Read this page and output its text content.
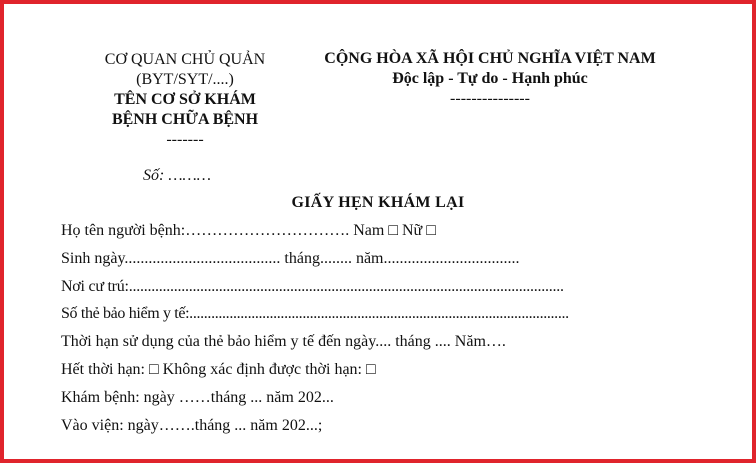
CƠ QUAN CHỦ QUẢN
(BYT/SYT/....)
TÊN CƠ SỞ KHÁM
BỆNH CHỮA BỆNH
-------
CỘNG HÒA XÃ HỘI CHỦ NGHĨA VIỆT NAM
Độc lập - Tự do - Hạnh phúc
---------------
Số: ………
GIẤY HẸN KHÁM LẠI
Họ tên người bệnh:…………………………. Nam □ Nữ □
Sinh ngày....................................... tháng........ năm..................................
Nơi cư trú:....................................................................................................................
Số thẻ bảo hiểm y tế:........................................................................................................
Thời hạn sử dụng của thẻ bảo hiểm y tế đến ngày.... tháng .... Năm….
Hết thời hạn: □ Không xác định được thời hạn: □
Khám bệnh: ngày ……tháng ... năm 202...
Vào viện: ngày…….tháng ... năm 202...;
